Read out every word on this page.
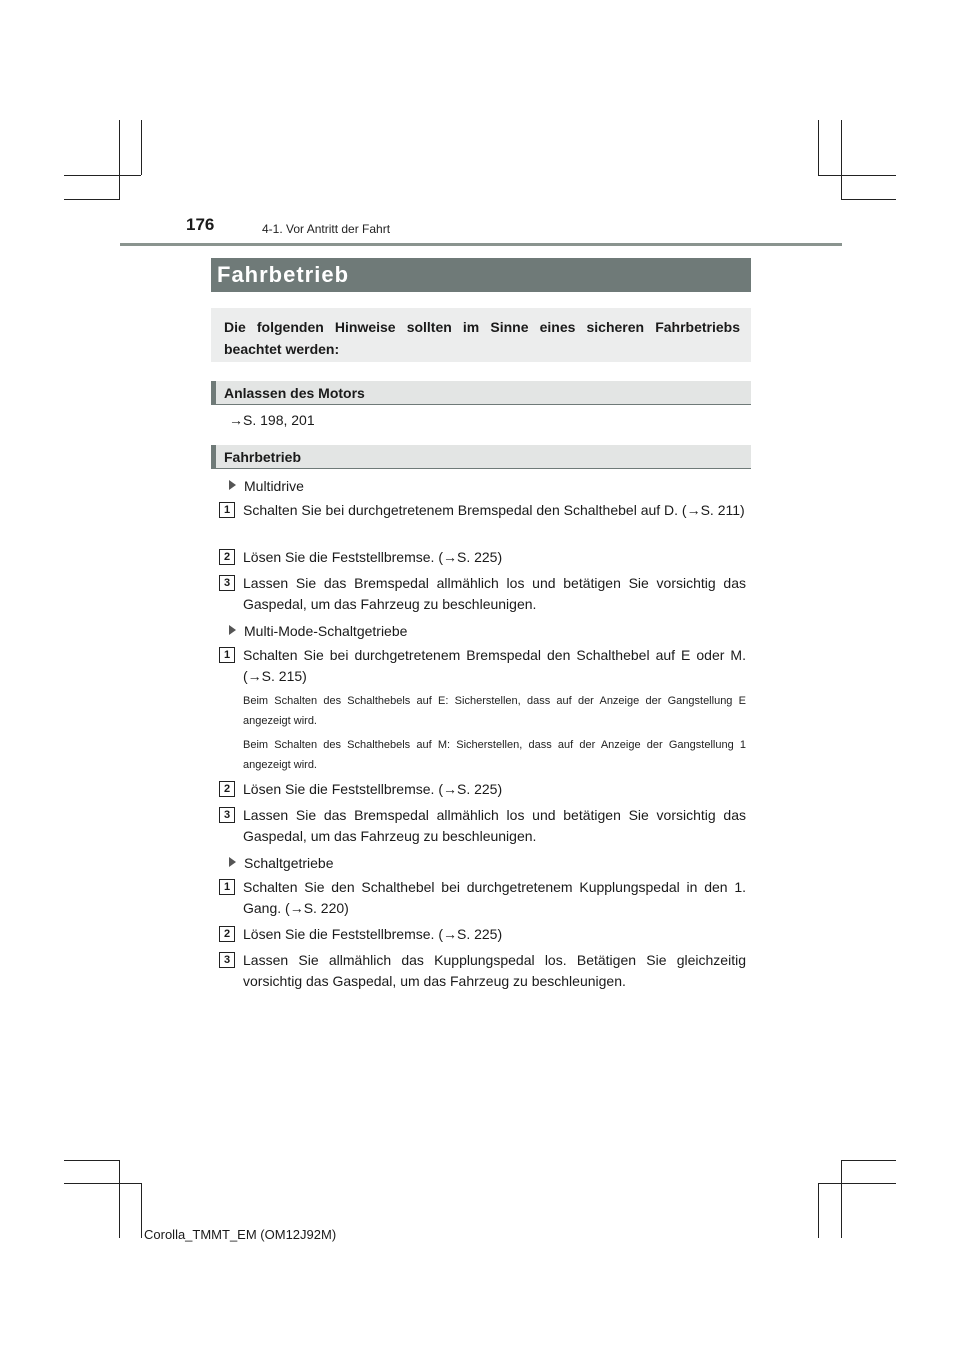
176	4-1. Vor Antritt der Fahrt
Fahrbetrieb
Die folgenden Hinweise sollten im Sinne eines sicheren Fahrbetriebs beachtet werden:
Anlassen des Motors
→S. 198, 201
Fahrbetrieb
Multidrive
1 Schalten Sie bei durchgetretenem Bremspedal den Schalthebel auf D. (→S. 211)
2 Lösen Sie die Feststellbremse. (→S. 225)
3 Lassen Sie das Bremspedal allmählich los und betätigen Sie vorsichtig das Gaspedal, um das Fahrzeug zu beschleunigen.
Multi-Mode-Schaltgetriebe
1 Schalten Sie bei durchgetretenem Bremspedal den Schalthebel auf E oder M. (→S. 215)
Beim Schalten des Schalthebels auf E: Sicherstellen, dass auf der Anzeige der Gangstellung E angezeigt wird.
Beim Schalten des Schalthebels auf M: Sicherstellen, dass auf der Anzeige der Gangstellung 1 angezeigt wird.
2 Lösen Sie die Feststellbremse. (→S. 225)
3 Lassen Sie das Bremspedal allmählich los und betätigen Sie vorsichtig das Gaspedal, um das Fahrzeug zu beschleunigen.
Schaltgetriebe
1 Schalten Sie den Schalthebel bei durchgetretenem Kupplungspedal in den 1. Gang. (→S. 220)
2 Lösen Sie die Feststellbremse. (→S. 225)
3 Lassen Sie allmählich das Kupplungspedal los. Betätigen Sie gleichzeitig vorsichtig das Gaspedal, um das Fahrzeug zu beschleunigen.
Corolla_TMMT_EM (OM12J92M)
